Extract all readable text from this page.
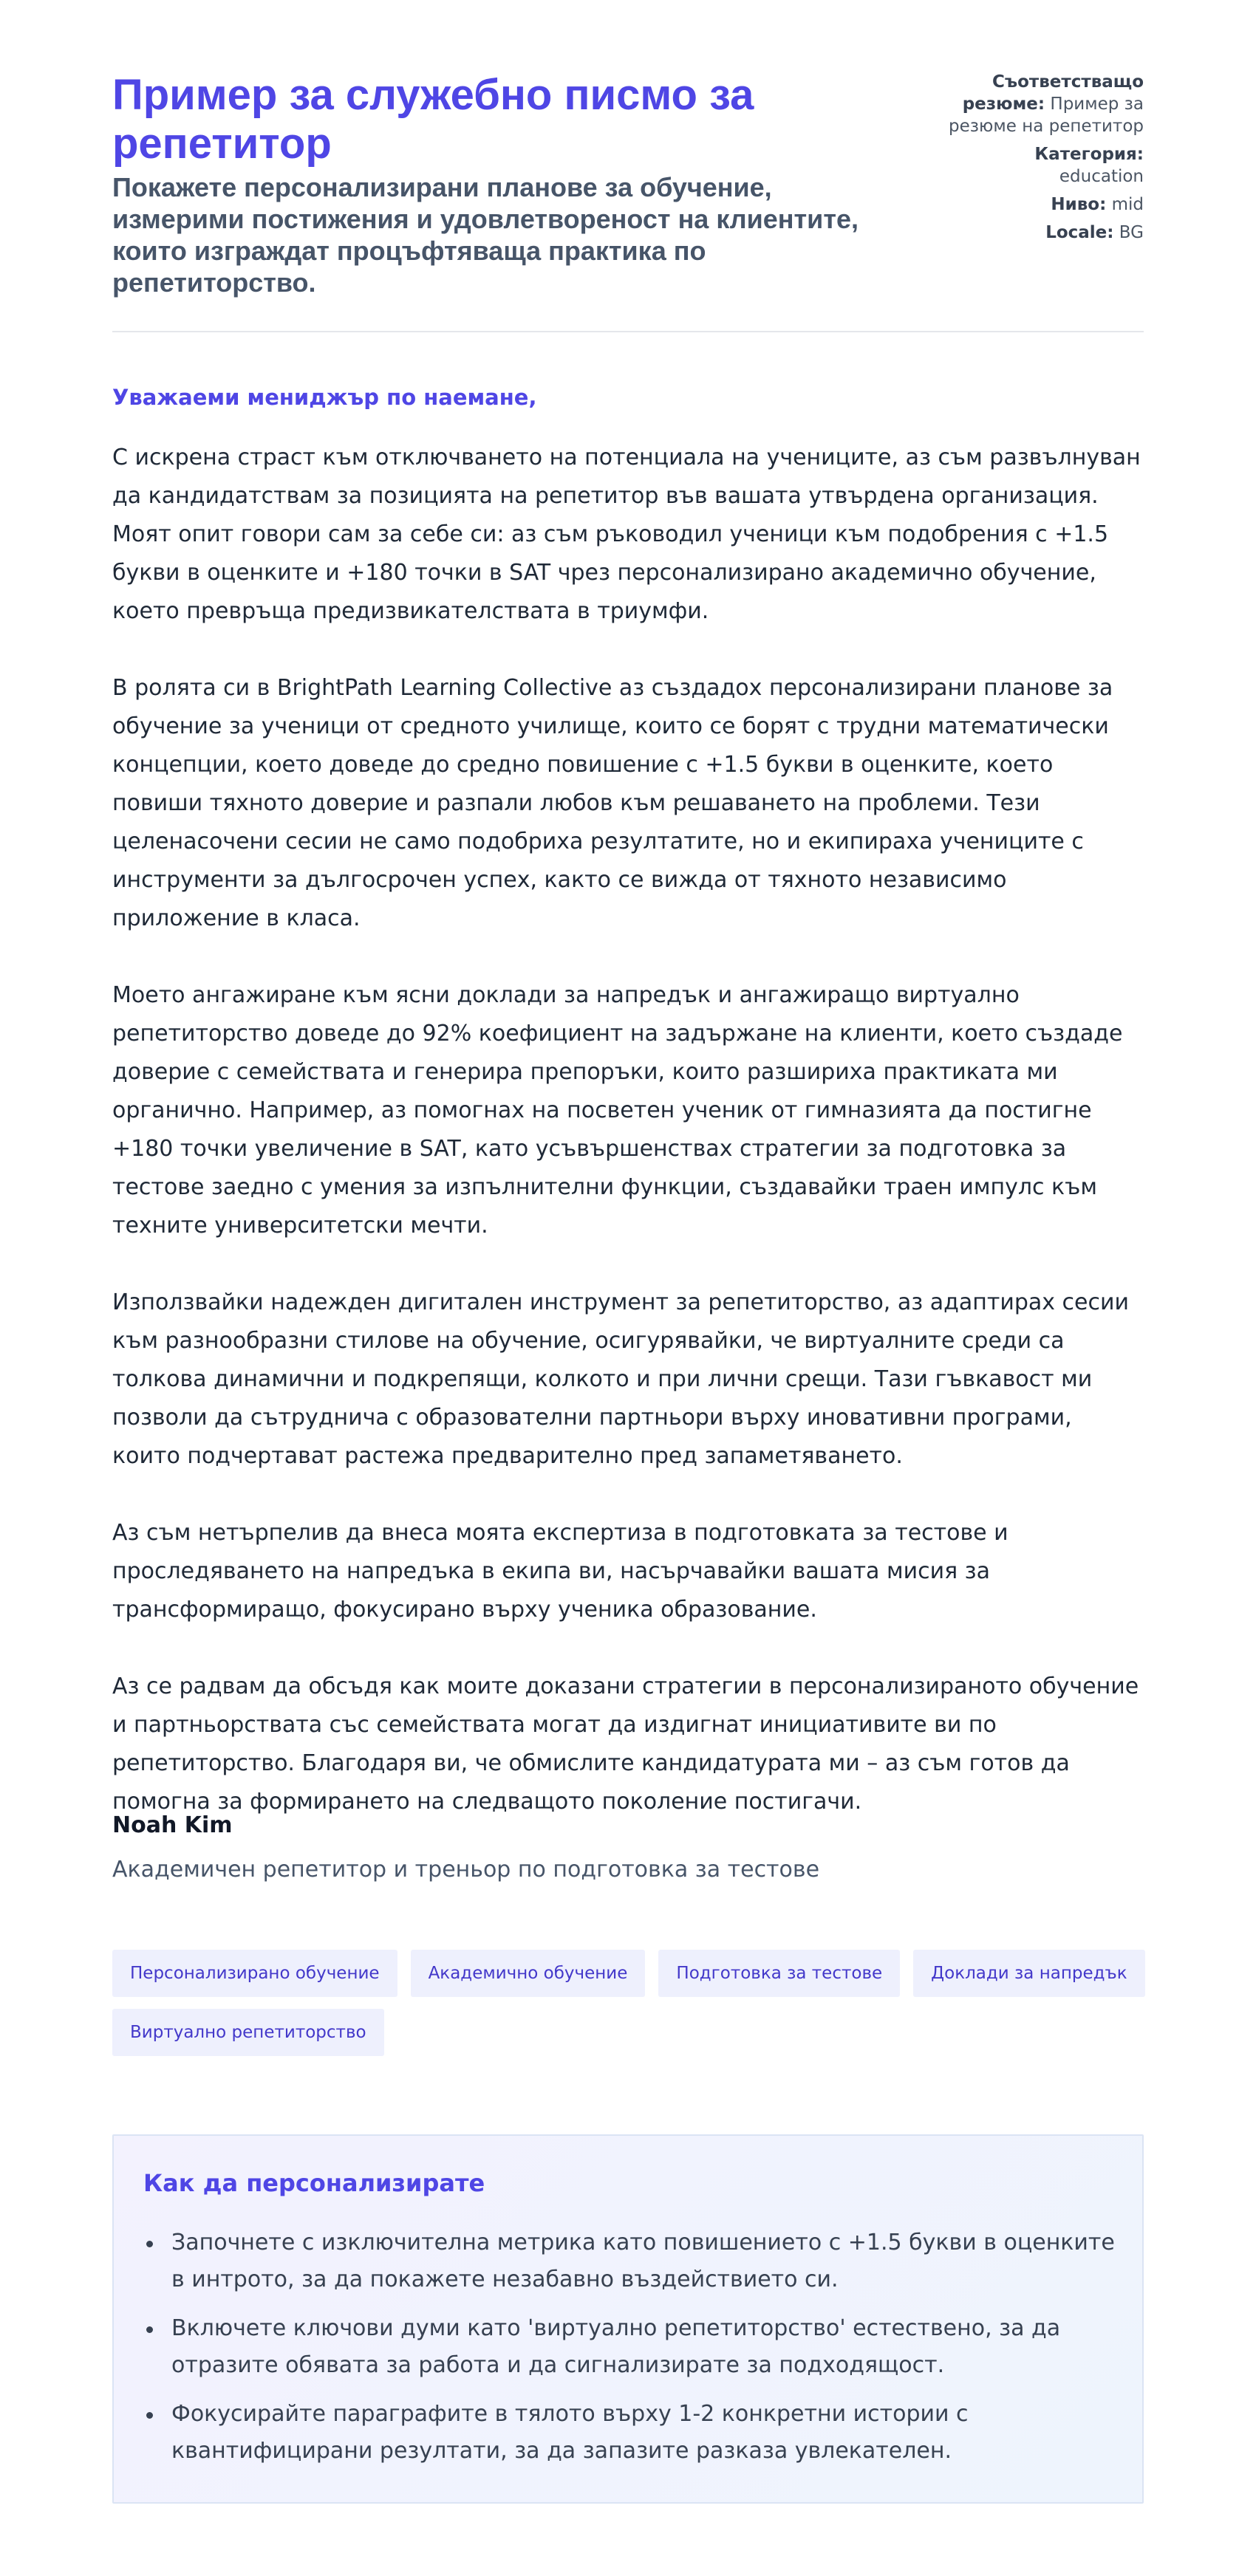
Пример за служебно писмо за репетитор

Покажете персонализирани планове за обучение, измерими постижения и удовлетвореност на клиентите, които изграждат процъфтяваща практика по репетиторство.

Съответстващо резюме: Пример за резюме на репетитор
Категория:
education
Ниво: mid
Locale: BG
Уважаеми мениджър по наемане,

С искрена страст към отключването на потенциала на учениците, аз съм развълнуван да кандидатствам за позицията на репетитор във вашата утвърдена организация. Моят опит говори сам за себе си: аз съм ръководил ученици към подобрения с +1.5 букви в оценките и +180 точки в SAT чрез персонализирано академично обучение, което превръща предизвикателствата в триумфи.

В ролята си в BrightPath Learning Collective аз създадох персонализирани планове за обучение за ученици от средното училище, които се борят с трудни математически концепции, което доведе до средно повишение с +1.5 букви в оценките, което повиши тяхното доверие и разпали любов към решаването на проблеми. Тези целенасочени сесии не само подобриха резултатите, но и екипираха учениците с инструменти за дългосрочен успех, както се вижда от тяхното независимо приложение в класа.

Моето ангажиране към ясни доклади за напредък и ангажиращо виртуално репетиторство доведе до 92% коефициент на задържане на клиенти, което създаде доверие с семействата и генерира препоръки, които разшириха практиката ми органично. Например, аз помогнах на посветен ученик от гимназията да постигне +180 точки увеличение в SAT, като усъвършенствах стратегии за подготовка за тестове заедно с умения за изпълнителни функции, създавайки траен импулс към техните университетски мечти.

Използвайки надежден дигитален инструмент за репетиторство, аз адаптирах сесии към разнообразни стилове на обучение, осигурявайки, че виртуалните среди са толкова динамични и подкрепящи, колкото и при лични срещи. Тази гъвкавост ми позволи да сътруднича с образователни партньори върху иновативни програми, които подчертават растежа предварително пред запаметяването.

Аз съм нетърпелив да внеса моята експертиза в подготовката за тестове и проследяването на напредъка в екипа ви, насърчавайки вашата мисия за трансформиращо, фокусирано върху ученика образование.

Аз се радвам да обсъдя как моите доказани стратегии в персонализираното обучение и партньорствата със семействата могат да издигнат инициативите ви по репетиторство. Благодаря ви, че обмислите кандидатурата ми – аз съм готов да помогна за формирането на следващото поколение постигачи.

Noah Kim
Академичен репетитор и треньор по подготовка за тестове
Персонализирано обучение	Академично обучение	Подготовка за тестове	Доклади за напредък
Виртуално репетиторство
Как да персонализирате
Започнете с изключителна метрика като повишението с +1.5 букви в оценките в интрото, за да покажете незабавно въздействието си.
Включете ключови думи като 'виртуално репетиторство' естествено, за да отразите обявата за работа и да сигнализирате за подходящост.
Фокусирайте параграфите в тялото върху 1-2 конкретни истории с квантифицирани резултати, за да запазите разказа увлекателен.
